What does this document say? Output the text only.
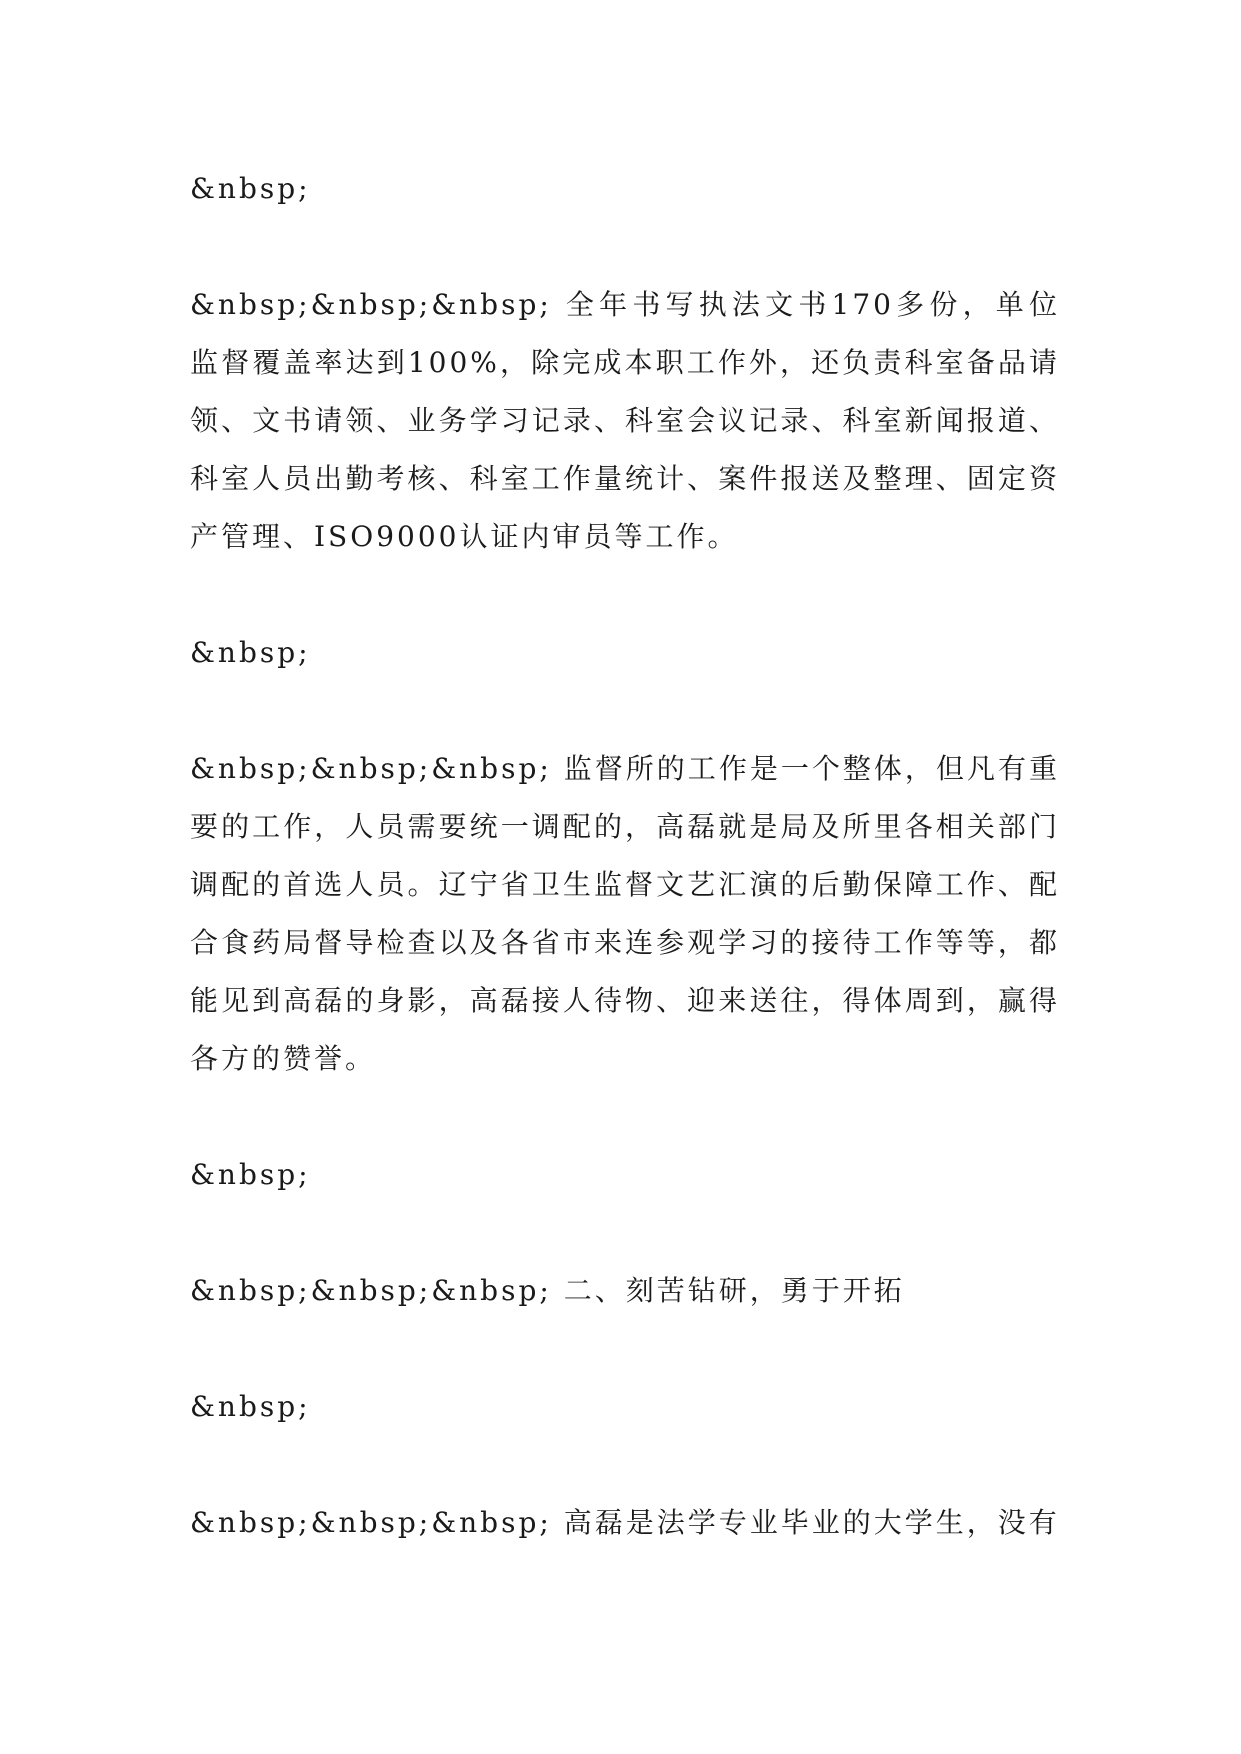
&nbsp;

&nbsp;&nbsp;&nbsp; 全年书写执法文书170多份，单位监督覆盖率达到100%，除完成本职工作外，还负责科室备品请领、文书请领、业务学习记录、科室会议记录、科室新闻报道、科室人员出勤考核、科室工作量统计、案件报送及整理、固定资产管理、ISO9000认证内审员等工作。

&nbsp;

&nbsp;&nbsp;&nbsp; 监督所的工作是一个整体，但凡有重要的工作，人员需要统一调配的，高磊就是局及所里各相关部门调配的首选人员。辽宁省卫生监督文艺汇演的后勤保障工作、配合食药局督导检查以及各省市来连参观学习的接待工作等等，都能见到高磊的身影，高磊接人待物、迎来送往，得体周到，赢得各方的赞誉。

&nbsp;

&nbsp;&nbsp;&nbsp; 二、刻苦钻研，勇于开拓

&nbsp;

&nbsp;&nbsp;&nbsp; 高磊是法学专业毕业的大学生，没有
